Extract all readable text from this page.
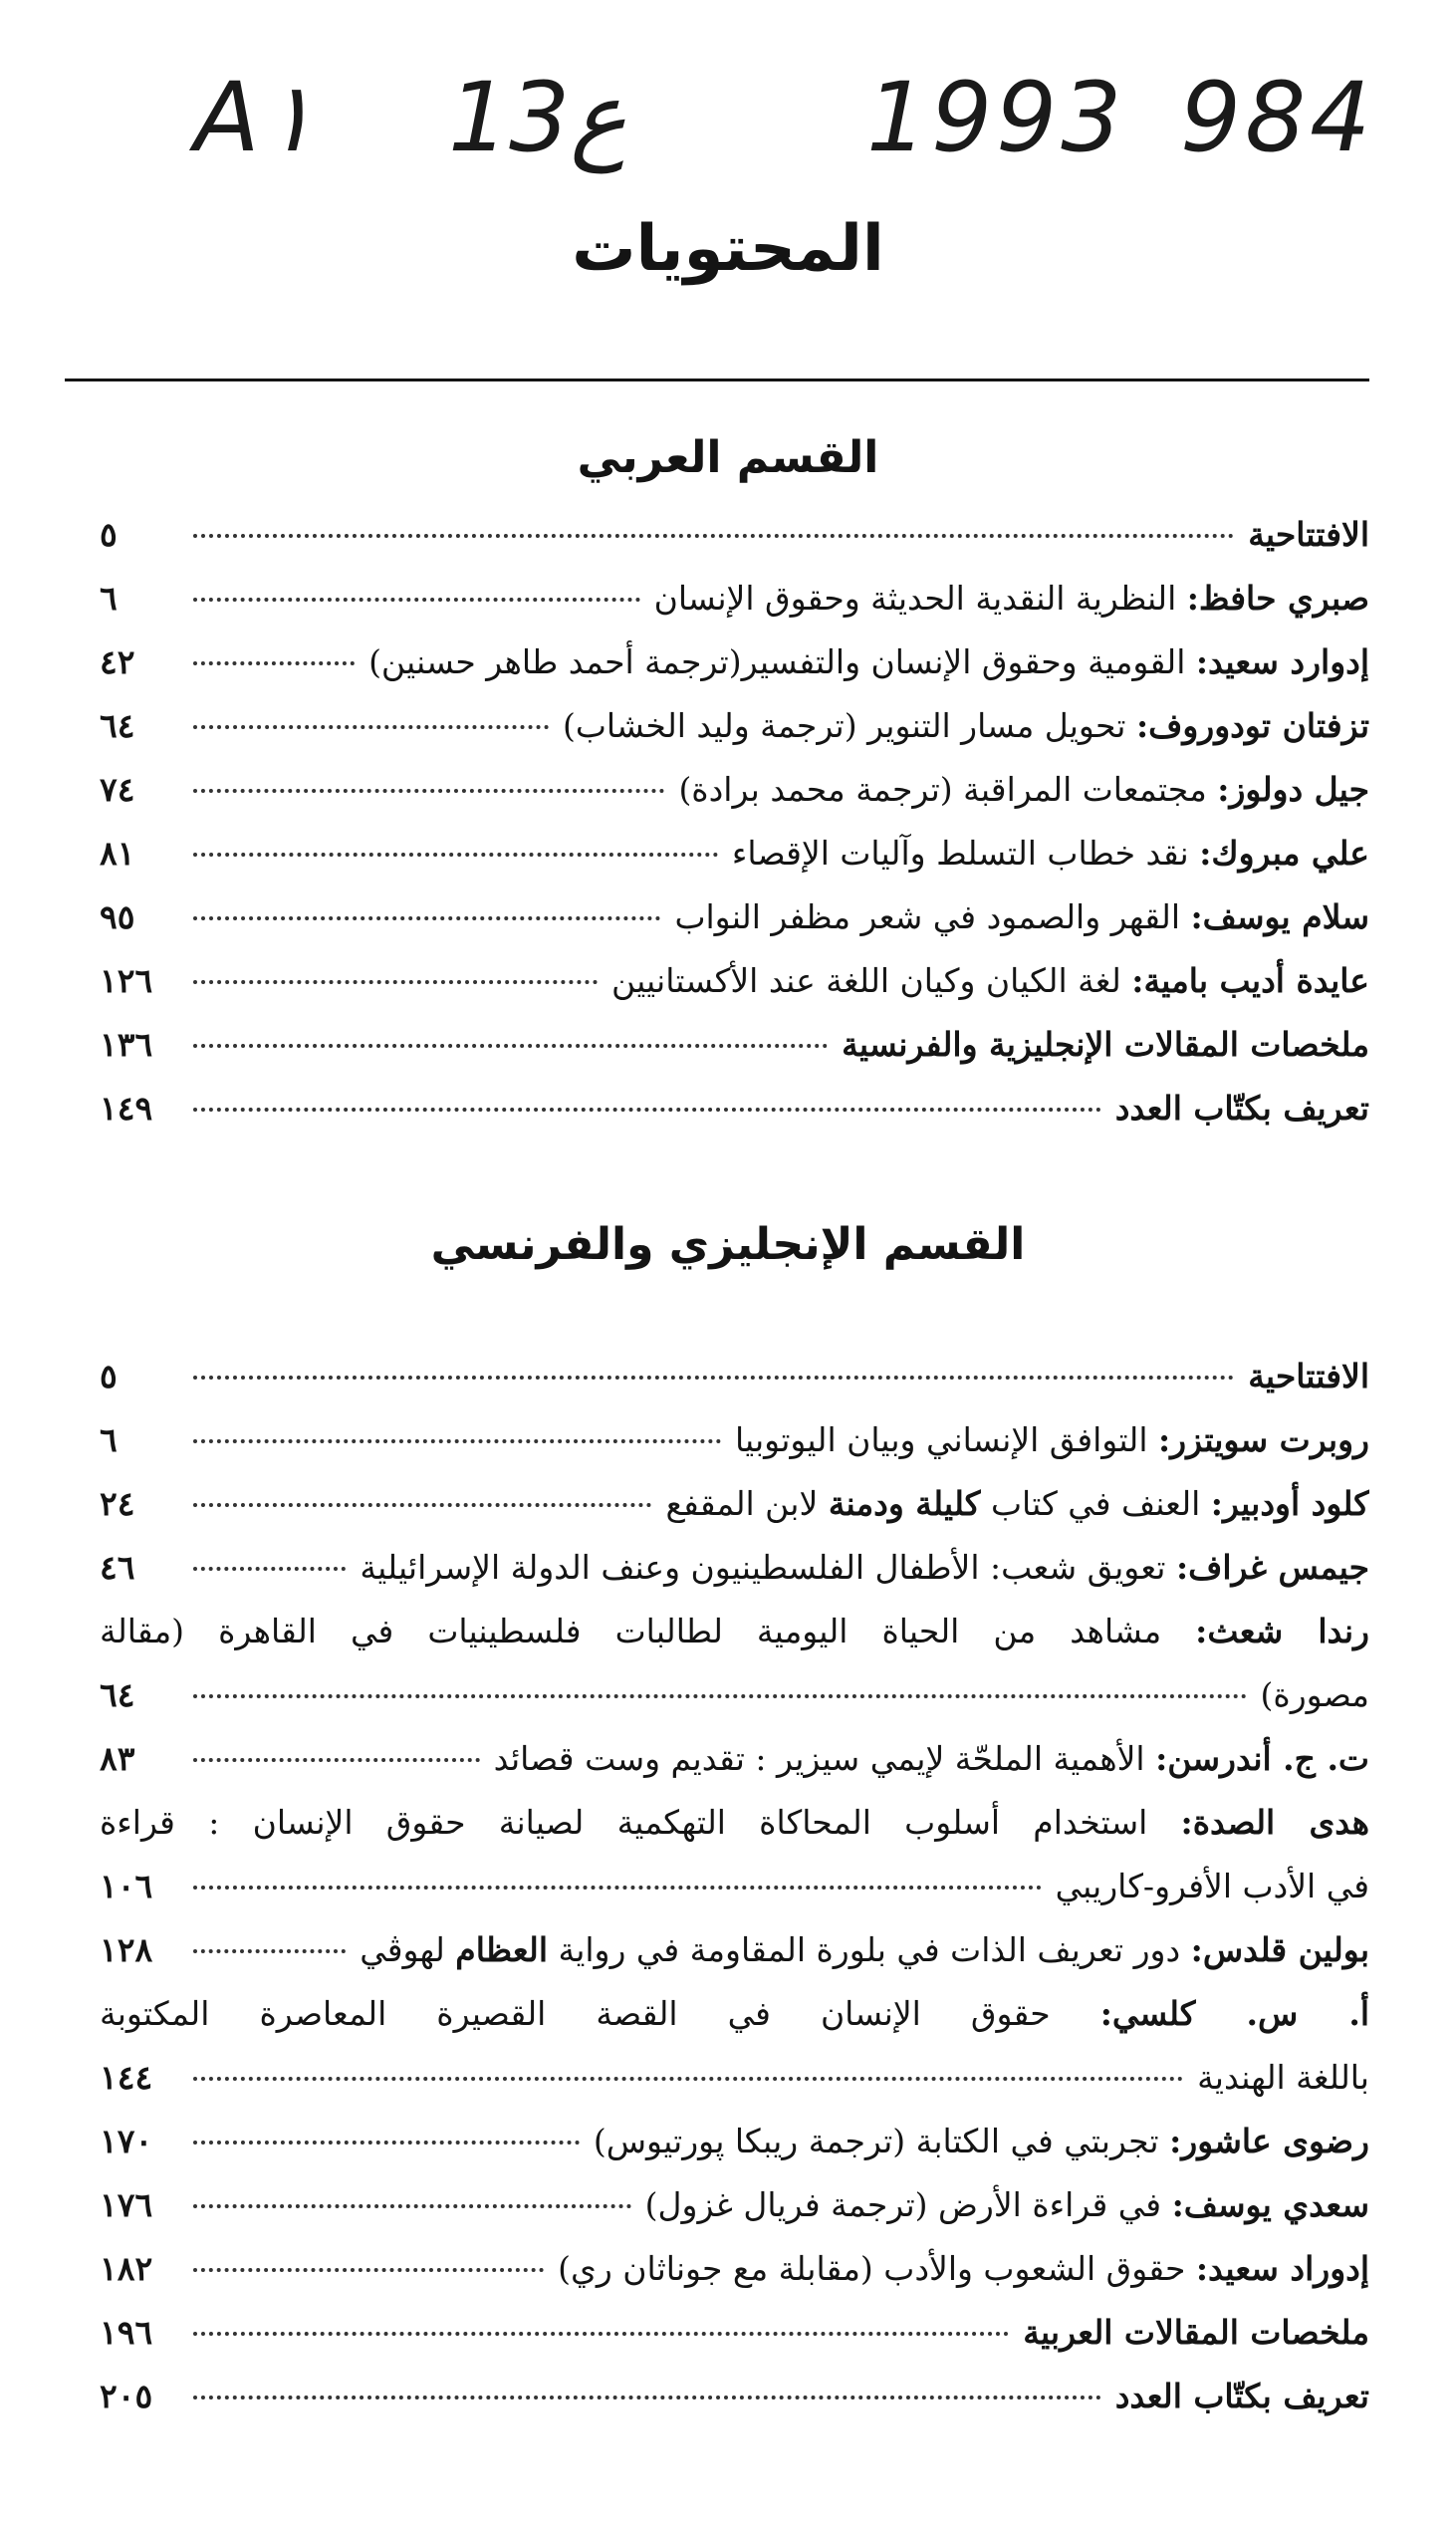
A١ 13ع	1993 984
المحتويات
القسم العربي
الافتتاحية
٥
صبري حافظ: النظرية النقدية الحديثة وحقوق الإنسان
٦
إدوارد سعيد: القومية وحقوق الإنسان والتفسير(ترجمة أحمد طاهر حسنين)
٤٢
تزفتان تودوروف: تحويل مسار التنوير (ترجمة وليد الخشاب)
٦٤
جيل دولوز: مجتمعات المراقبة (ترجمة محمد برادة)
٧٤
علي مبروك: نقد خطاب التسلط وآليات الإقصاء
٨١
سلام يوسف: القهر والصمود في شعر مظفر النواب
٩٥
عايدة أديب بامية: لغة الكيان وكيان اللغة عند الأكستانيين
١٢٦
ملخصات المقالات الإنجليزية والفرنسية
١٣٦
تعريف بكتّاب العدد
١٤٩
القسم الإنجليزي والفرنسي
الافتتاحية
٥
روبرت سويتزر: التوافق الإنساني وبيان اليوتوبيا
٦
كلود أودبير: العنف في كتاب كليلة ودمنة لابن المقفع
٢٤
جيمس غراف: تعويق شعب: الأطفال الفلسطينيون وعنف الدولة الإسرائيلية
٤٦
رندا شعث: مشاهد من الحياة اليومية لطالبات فلسطينيات في القاهرة (مقالة
مصورة)
٦٤
ت. ج. أندرسن: الأهمية الملحّة لإيمي سيزير : تقديم وست قصائد
٨٣
هدى الصدة: استخدام أسلوب المحاكاة التهكمية لصيانة حقوق الإنسان : قراءة
في الأدب الأفرو-كاريبي
١٠٦
بولين قلدس: دور تعريف الذات في بلورة المقاومة في رواية العظام لهوڤي
١٢٨
أ. س. كلسي: حقوق الإنسان في القصة القصيرة المعاصرة المكتوبة
باللغة الهندية
١٤٤
رضوى عاشور: تجربتي في الكتابة (ترجمة ريبكا پورتيوس)
١٧٠
سعدي يوسف: في قراءة الأرض (ترجمة فريال غزول)
١٧٦
إدوراد سعيد: حقوق الشعوب والأدب (مقابلة مع جوناثان ري)
١٨٢
ملخصات المقالات العربية
١٩٦
تعريف بكتّاب العدد
٢٠٥
